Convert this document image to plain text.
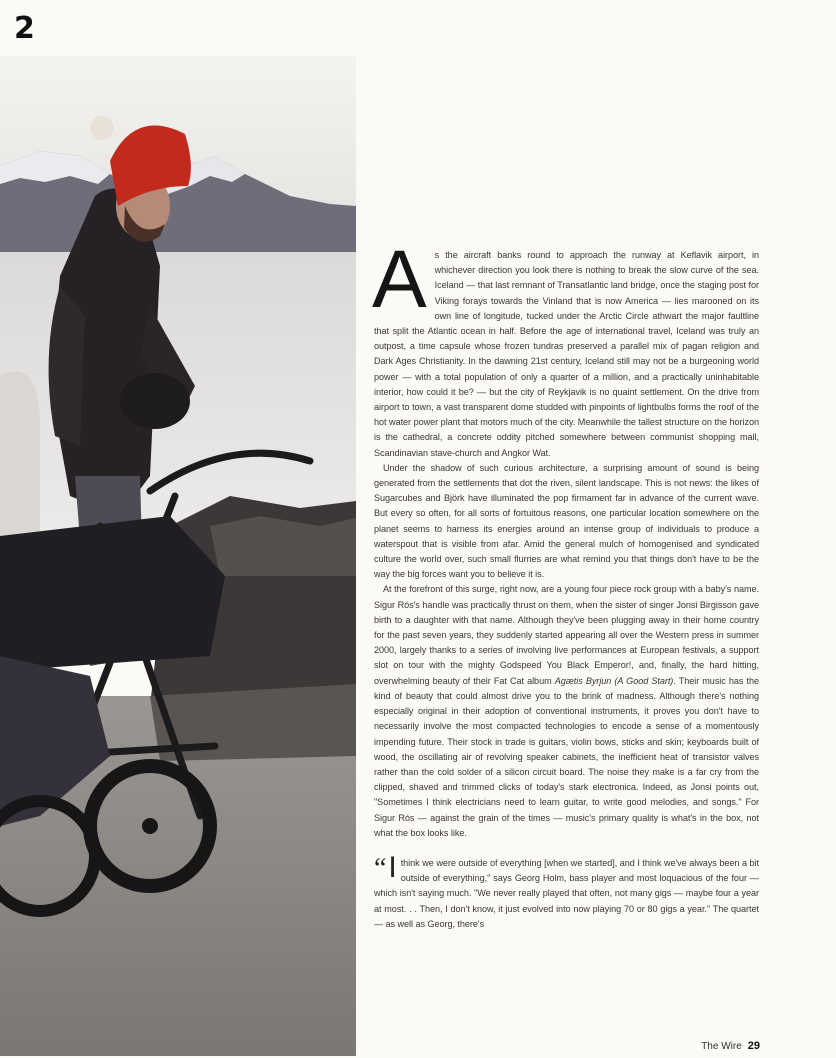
2

As the aircraft banks round to approach the runway at Keflavik airport, in whichever direction you look there is nothing to break the slow curve of the sea. Iceland — that last remnant of Transatlantic land bridge, once the staging post for Viking forays towards the Vinland that is now America — lies marooned on its own line of longitude, tucked under the Arctic Circle athwart the major faultline that split the Atlantic ocean in half. Before the age of international travel, Iceland was truly an outpost, a time capsule whose frozen tundras preserved a parallel mix of pagan religion and Dark Ages Christianity. In the dawning 21st century, Iceland still may not be a burgeoning world power — with a total population of only a quarter of a million, and a practically uninhabitable interior, how could it be? — but the city of Reykjavik is no quaint settlement. On the drive from airport to town, a vast transparent dome studded with pinpoints of lightbulbs forms the roof of the hot water power plant that motors much of the city. Meanwhile the tallest structure on the horizon is the cathedral, a concrete oddity pitched somewhere between communist shopping mall, Scandinavian stave-church and Angkor Wat.

Under the shadow of such curious architecture, a surprising amount of sound is being generated from the settlements that dot the riven, silent landscape. This is not news: the likes of Sugarcubes and Björk have illuminated the pop firmament far in advance of the current wave. But every so often, for all sorts of fortuitous reasons, one particular location somewhere on the planet seems to harness its energies around an intense group of individuals to produce a waterspout that is visible from afar. Amid the general mulch of homogenised and syndicated culture the world over, such small flurries are what remind you that things don't have to be the way the big forces want you to believe it is.

At the forefront of this surge, right now, are a young four piece rock group with a baby's name. Sigur Rós's handle was practically thrust on them, when the sister of singer Jonsi Birgisson gave birth to a daughter with that name. Although they've been plugging away in their home country for the past seven years, they suddenly started appearing all over the Western press in summer 2000, largely thanks to a series of involving live performances at European festivals, a support slot on tour with the mighty Godspeed You Black Emperor!, and, finally, the hard hitting, overwhelming beauty of their Fat Cat album Agætis Byrjun (A Good Start). Their music has the kind of beauty that could almost drive you to the brink of madness. Although there's nothing especially original in their adoption of conventional instruments, it proves you don't have to necessarily involve the most compacted technologies to encode a sense of a momentously impending future. Their stock in trade is guitars, violin bows, sticks and skin; keyboards built of wood, the oscillating air of revolving speaker cabinets, the inefficient heat of transistor valves rather than the cold solder of a silicon circuit board. The noise they make is a far cry from the clipped, shaved and trimmed clicks of today's stark electronica. Indeed, as Jonsi points out, "Sometimes I think electricians need to learn guitar, to write good melodies, and songs." For Sigur Rós — against the grain of the times — music's primary quality is what's in the box, not what the box looks like.

“ I think we were outside of everything [when we started], and I think we've always been a bit outside of everything," says Georg Holm, bass player and most loquacious of the four — which isn't saying much. "We never really played that often, not many gigs — maybe four a year at most. . . Then, I don't know, it just evolved into now playing 70 or 80 gigs a year." The quartet — as well as Georg, there's

The Wire 29
